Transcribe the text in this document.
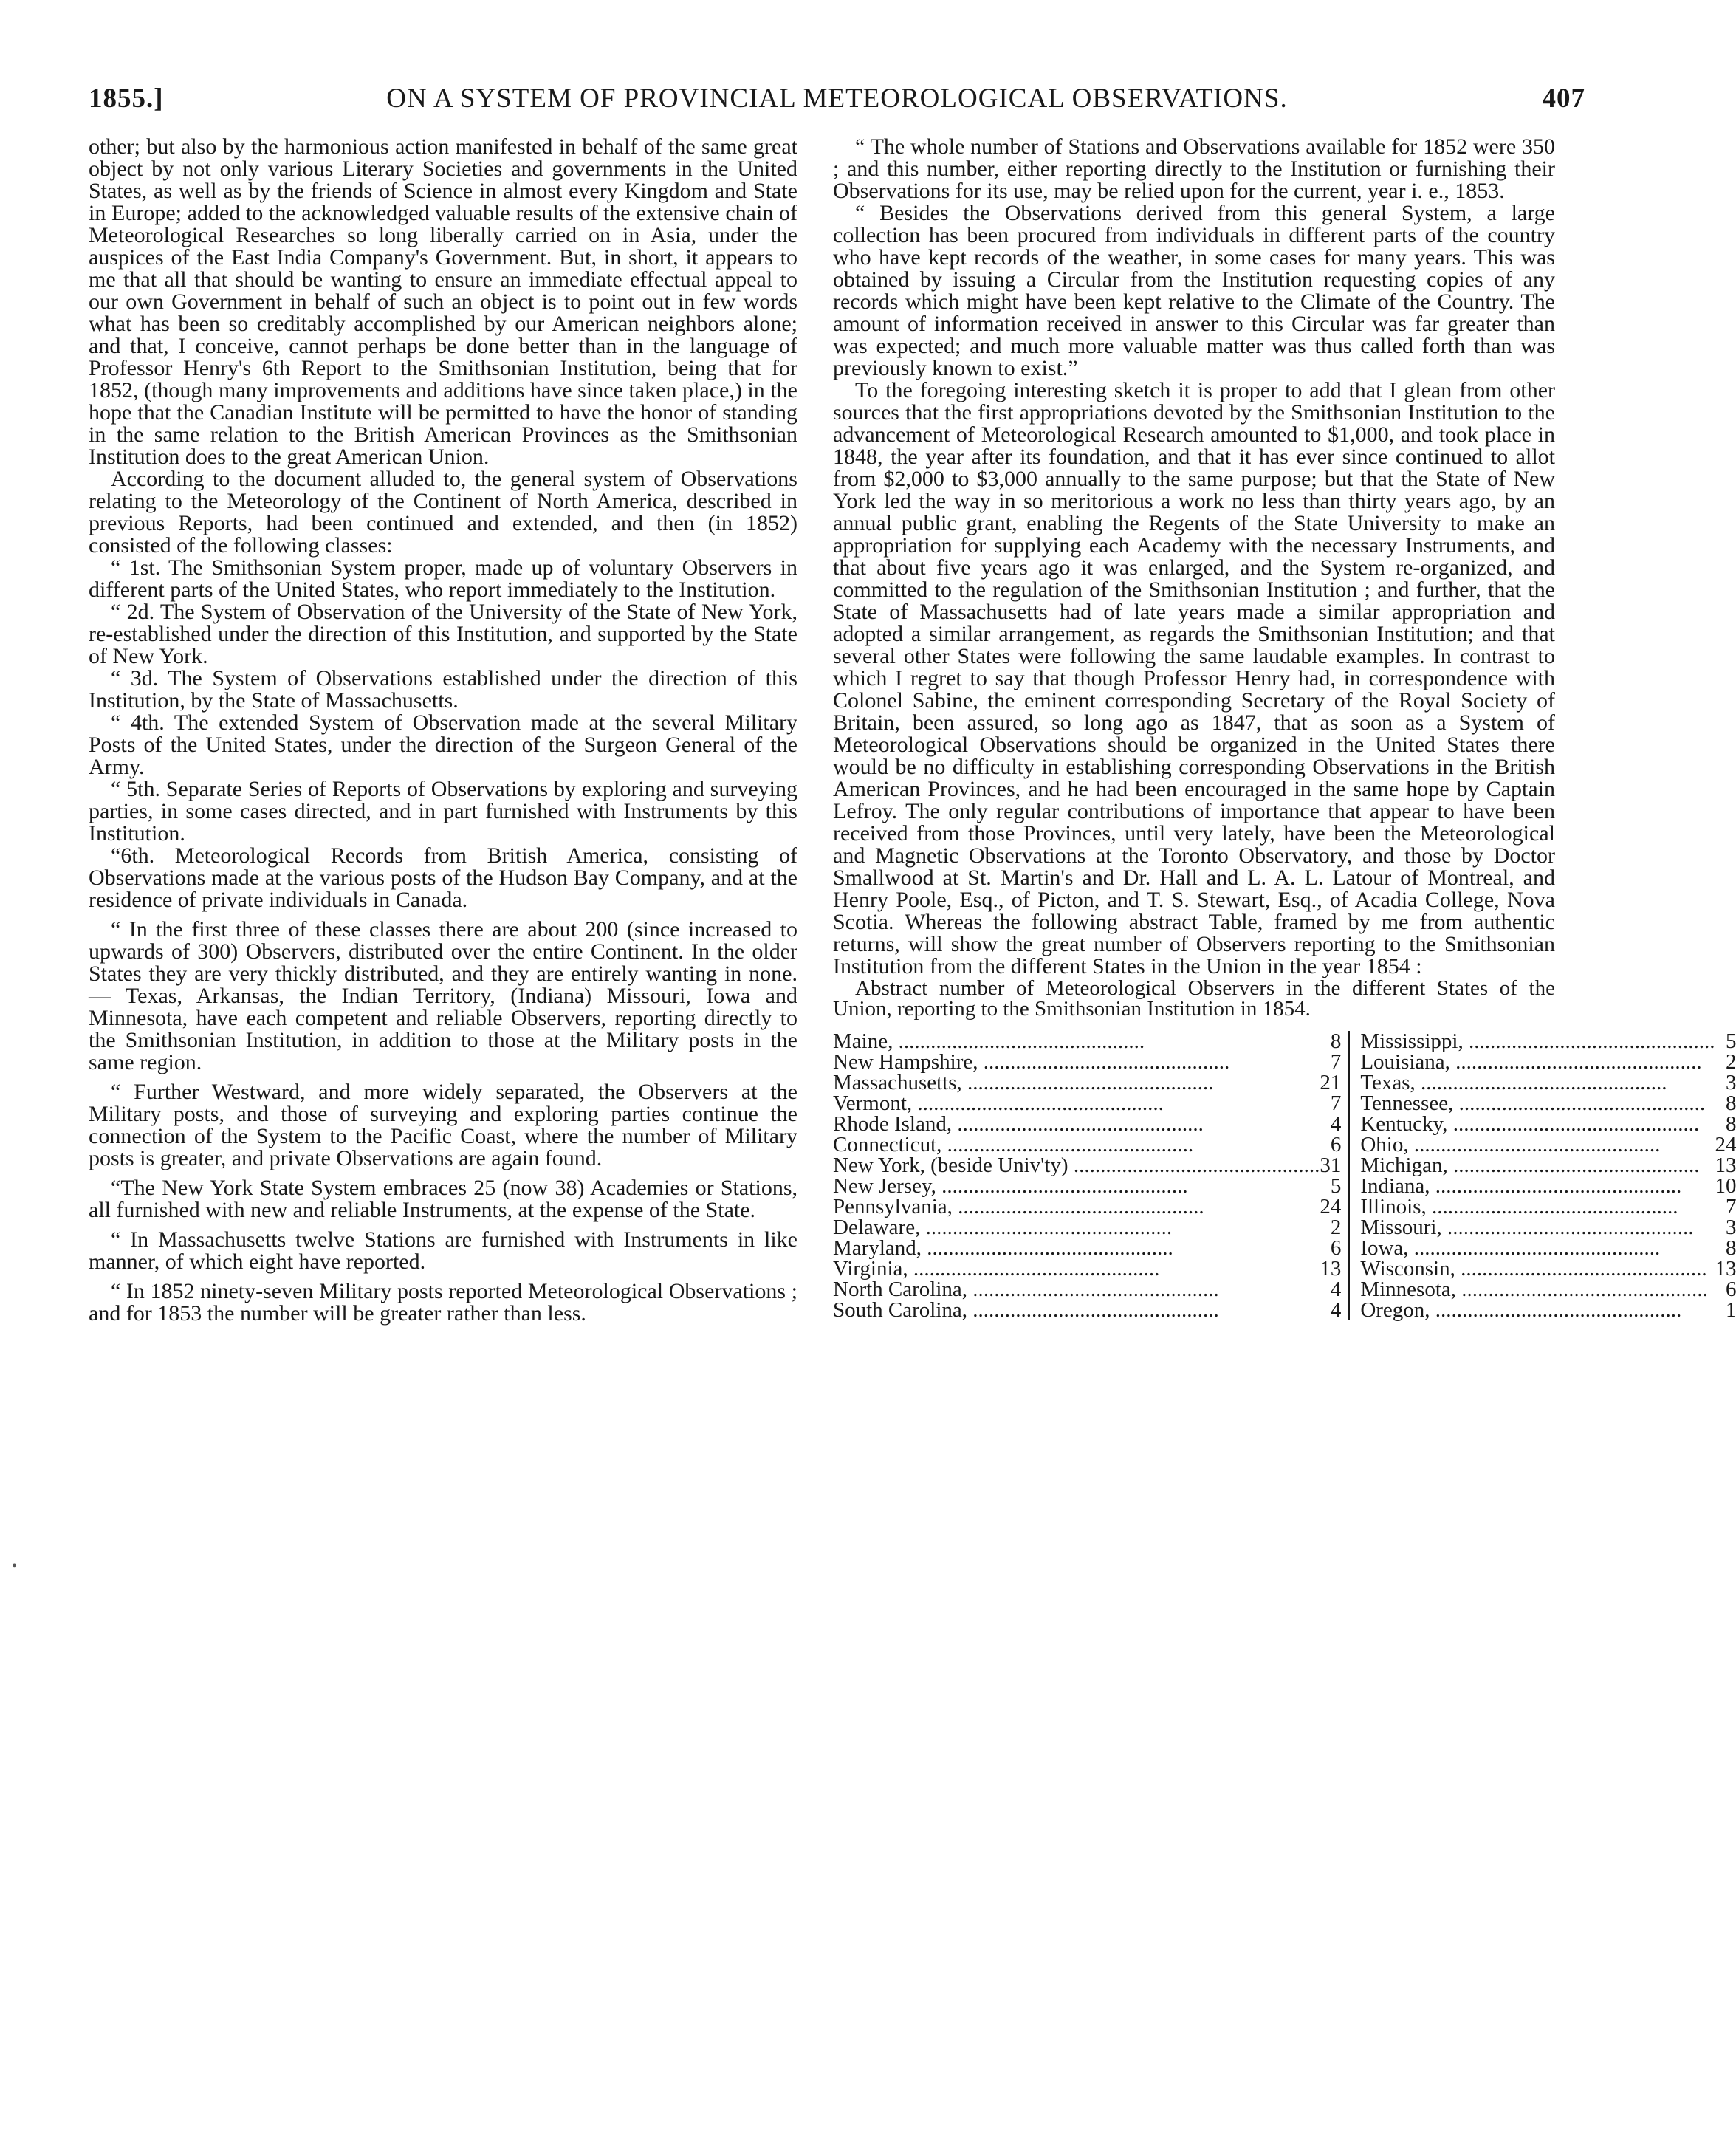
1855.]	ON A SYSTEM OF PROVINCIAL METEOROLOGICAL OBSERVATIONS.	407

other; but also by the harmonious action manifested in behalf of the same great object by not only various Literary Societies and governments in the United States, as well as by the friends of Science in almost every Kingdom and State in Europe; added to the acknowledged valuable results of the extensive chain of Meteorological Researches so long liberally carried on in Asia, under the auspices of the East India Company's Government. But, in short, it appears to me that all that should be wanting to ensure an immediate effectual appeal to our own Government in behalf of such an object is to point out in few words what has been so creditably accomplished by our American neighbors alone; and that, I conceive, cannot perhaps be done better than in the language of Professor Henry's 6th Report to the Smithsonian Institution, being that for 1852, (though many improvements and additions have since taken place,) in the hope that the Canadian Institute will be permitted to have the honor of standing in the same relation to the British American Provinces as the Smithsonian Institution does to the great American Union.

According to the document alluded to, the general system of Observations relating to the Meteorology of the Continent of North America, described in previous Reports, had been continued and extended, and then (in 1852) consisted of the following classes:

“ 1st. The Smithsonian System proper, made up of voluntary Observers in different parts of the United States, who report immediately to the Institution.

“ 2d. The System of Observation of the University of the State of New York, re-established under the direction of this Institution, and supported by the State of New York.

“ 3d. The System of Observations established under the direction of this Institution, by the State of Massachusetts.

“ 4th. The extended System of Observation made at the several Military Posts of the United States, under the direction of the Surgeon General of the Army.

“ 5th. Separate Series of Reports of Observations by exploring and surveying parties, in some cases directed, and in part furnished with Instruments by this Institution.

“6th. Meteorological Records from British America, consisting of Observations made at the various posts of the Hudson Bay Company, and at the residence of private individuals in Canada.

“ In the first three of these classes there are about 200 (since increased to upwards of 300) Observers, distributed over the entire Continent. In the older States they are very thickly distributed, and they are entirely wanting in none.— Texas, Arkansas, the Indian Territory, (Indiana) Missouri, Iowa and Minnesota, have each competent and reliable Observers, reporting directly to the Smithsonian Institution, in addition to those at the Military posts in the same region.

“ Further Westward, and more widely separated, the Observers at the Military posts, and those of surveying and exploring parties continue the connection of the System to the Pacific Coast, where the number of Military posts is greater, and private Observations are again found.

“The New York State System embraces 25 (now 38) Academies or Stations, all furnished with new and reliable Instruments, at the expense of the State.

“ In Massachusetts twelve Stations are furnished with Instruments in like manner, of which eight have reported.

“ In 1852 ninety-seven Military posts reported Meteorological Observations ; and for 1853 the number will be greater rather than less.

“ The whole number of Stations and Observations available for 1852 were 350 ; and this number, either reporting directly to the Institution or furnishing their Observations for its use, may be relied upon for the current, year i. e., 1853.

“ Besides the Observations derived from this general System, a large collection has been procured from individuals in different parts of the country who have kept records of the weather, in some cases for many years. This was obtained by issuing a Circular from the Institution requesting copies of any records which might have been kept relative to the Climate of the Country. The amount of information received in answer to this Circular was far greater than was expected; and much more valuable matter was thus called forth than was previously known to exist.”

To the foregoing interesting sketch it is proper to add that I glean from other sources that the first appropriations devoted by the Smithsonian Institution to the advancement of Meteorological Research amounted to $1,000, and took place in 1848, the year after its foundation, and that it has ever since continued to allot from $2,000 to $3,000 annually to the same purpose; but that the State of New York led the way in so meritorious a work no less than thirty years ago, by an annual public grant, enabling the Regents of the State University to make an appropriation for supplying each Academy with the necessary Instruments, and that about five years ago it was enlarged, and the System re-organized, and committed to the regulation of the Smithsonian Institution ; and further, that the State of Massachusetts had of late years made a similar appropriation and adopted a similar arrangement, as regards the Smithsonian Institution; and that several other States were following the same laudable examples. In contrast to which I regret to say that though Professor Henry had, in correspondence with Colonel Sabine, the eminent corresponding Secretary of the Royal Society of Britain, been assured, so long ago as 1847, that as soon as a System of Meteorological Observations should be organized in the United States there would be no difficulty in establishing corresponding Observations in the British American Provinces, and he had been encouraged in the same hope by Captain Lefroy. The only regular contributions of importance that appear to have been received from those Provinces, until very lately, have been the Meteorological and Magnetic Observations at the Toronto Observatory, and those by Doctor Smallwood at St. Martin's and Dr. Hall and L. A. L. Latour of Montreal, and Henry Poole, Esq., of Picton, and T. S. Stewart, Esq., of Acadia College, Nova Scotia. Whereas the following abstract Table, framed by me from authentic returns, will show the great number of Observers reporting to the Smithsonian Institution from the different States in the Union in the year 1854 :

Abstract number of Meteorological Observers in the different States of the Union, reporting to the Smithsonian Institution in 1854.

Maine, .....	8		Mississippi, .....	5
New Hampshire, .....	7		Louisiana, .....	2
Massachusetts, .....	21		Texas, .....	3
Vermont, .....	7		Tennessee, .....	8
Rhode Island, .....	4		Kentucky, .....	8
Connecticut, .....	6		Ohio, .....	24
New York, (beside Univ'ty) .....	31		Michigan, .....	13
New Jersey, .....	5		Indiana, .....	10
Pennsylvania, .....	24		Illinois, .....	7
Delaware, .....	2		Missouri, .....	3
Maryland, .....	6		Iowa, .....	8
Virginia, .....	13		Wisconsin, .....	13
North Carolina, .....	4		Minnesota, .....	6
South Carolina, .....	4		Oregon, .....	1
•
